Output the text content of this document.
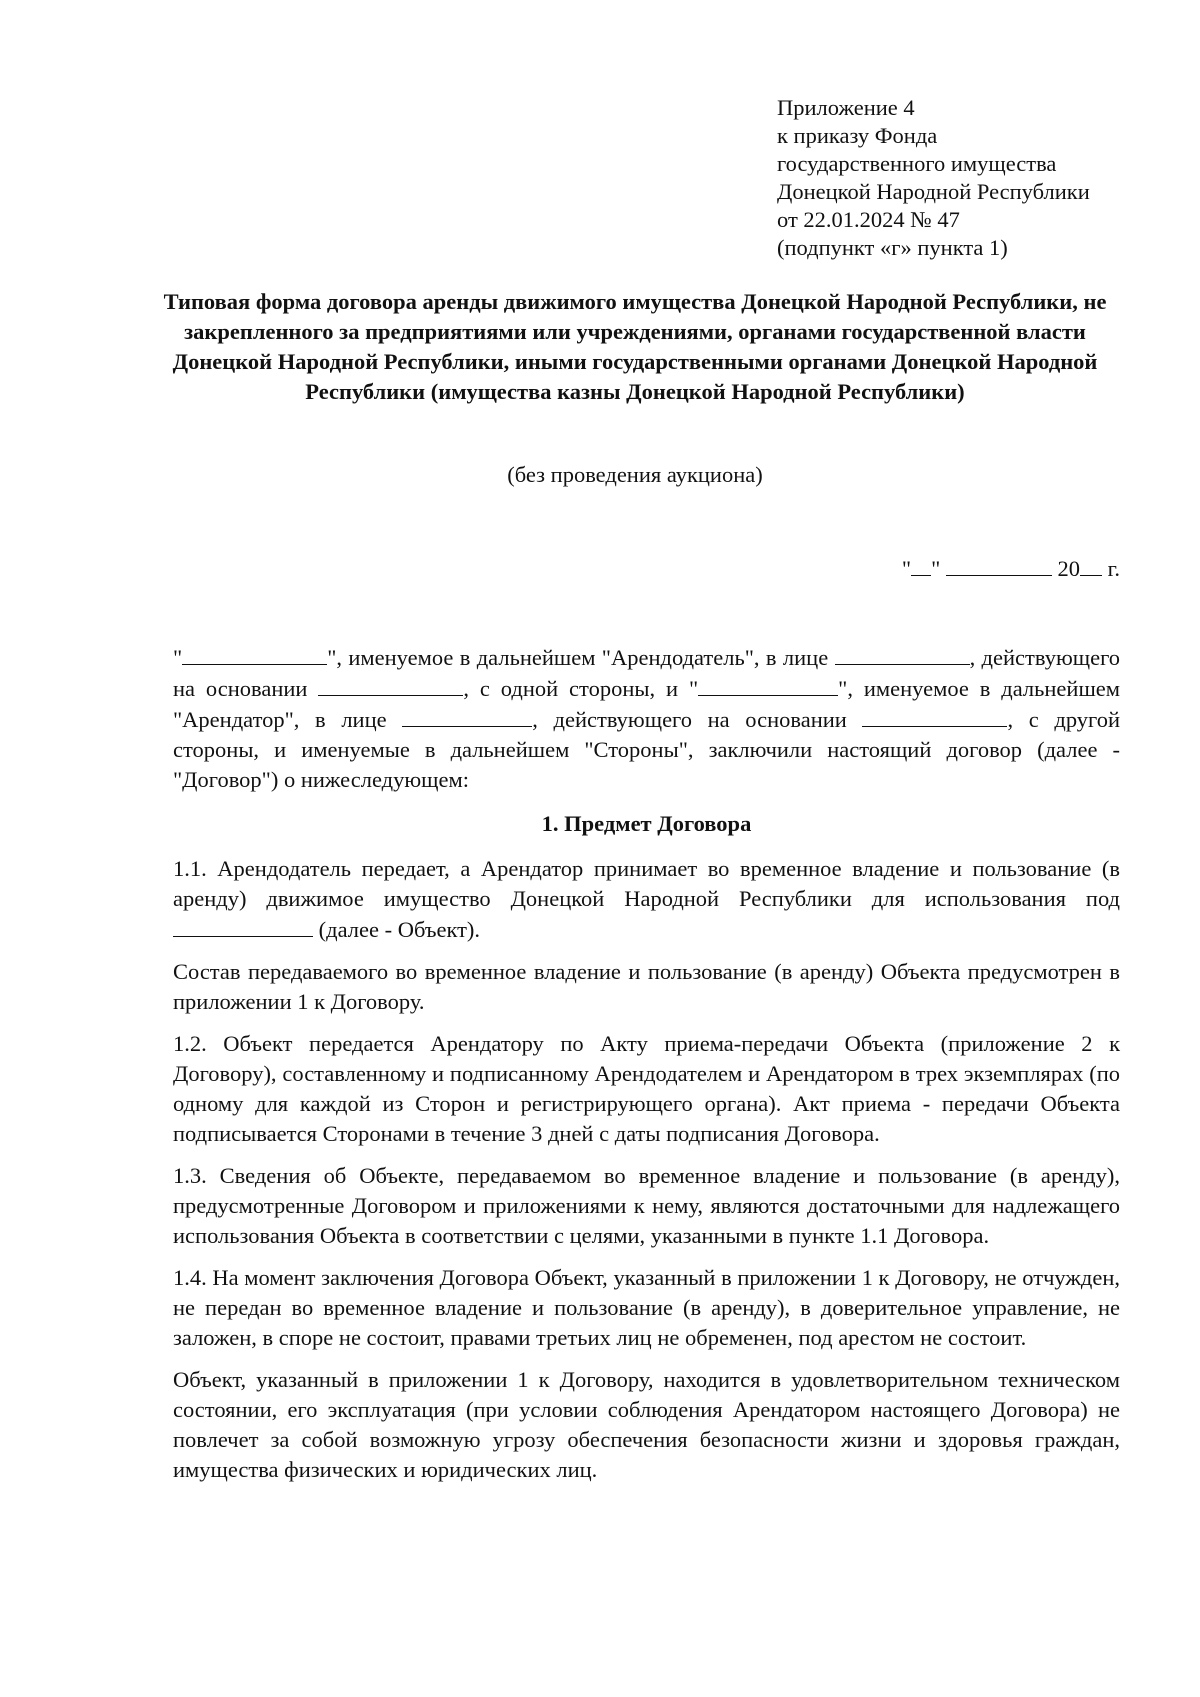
Приложение 4
к приказу Фонда
государственного имущества
Донецкой Народной Республики
от 22.01.2024 № 47
(подпункт «г» пункта 1)
Типовая форма договора аренды движимого имущества Донецкой Народной Республики, не закрепленного за предприятиями или учреждениями, органами государственной власти Донецкой Народной Республики, иными государственными органами Донецкой Народной Республики (имущества казны Донецкой Народной Республики)
(без проведения аукциона)
" "	20 г.

"	", именуемое в дальнейшем "Арендодатель", в лице	, действующего на основании	, с одной стороны, и "	", именуемое в дальнейшем "Арендатор", в лице	, действующего на основании	, с другой стороны, и именуемые в дальнейшем "Стороны", заключили настоящий договор (далее - "Договор") о нижеследующем:

1. Предмет Договора

1.1. Арендодатель передает, а Арендатор принимает во временное владение и пользование (в аренду) движимое имущество Донецкой Народной Республики для использования под  (далее - Объект).

Состав передаваемого во временное владение и пользование (в аренду) Объекта предусмотрен в приложении 1 к Договору.

1.2. Объект передается Арендатору по Акту приема-передачи Объекта (приложение 2 к Договору), составленному и подписанному Арендодателем и Арендатором в трех экземплярах (по одному для каждой из Сторон и регистрирующего органа). Акт приема - передачи Объекта подписывается Сторонами в течение 3 дней с даты подписания Договора.

1.3. Сведения об Объекте, передаваемом во временное владение и пользование (в аренду), предусмотренные Договором и приложениями к нему, являются достаточными для надлежащего использования Объекта в соответствии с целями, указанными в пункте 1.1 Договора.

1.4. На момент заключения Договора Объект, указанный в приложении 1 к Договору, не отчужден, не передан во временное владение и пользование (в аренду), в доверительное управление, не заложен, в споре не состоит, правами третьих лиц не обременен, под арестом не состоит.

Объект, указанный в приложении 1 к Договору, находится в удовлетворительном техническом состоянии, его эксплуатация (при условии соблюдения Арендатором настоящего Договора) не повлечет за собой возможную угрозу обеспечения безопасности жизни и здоровья граждан, имущества физических и юридических лиц.
